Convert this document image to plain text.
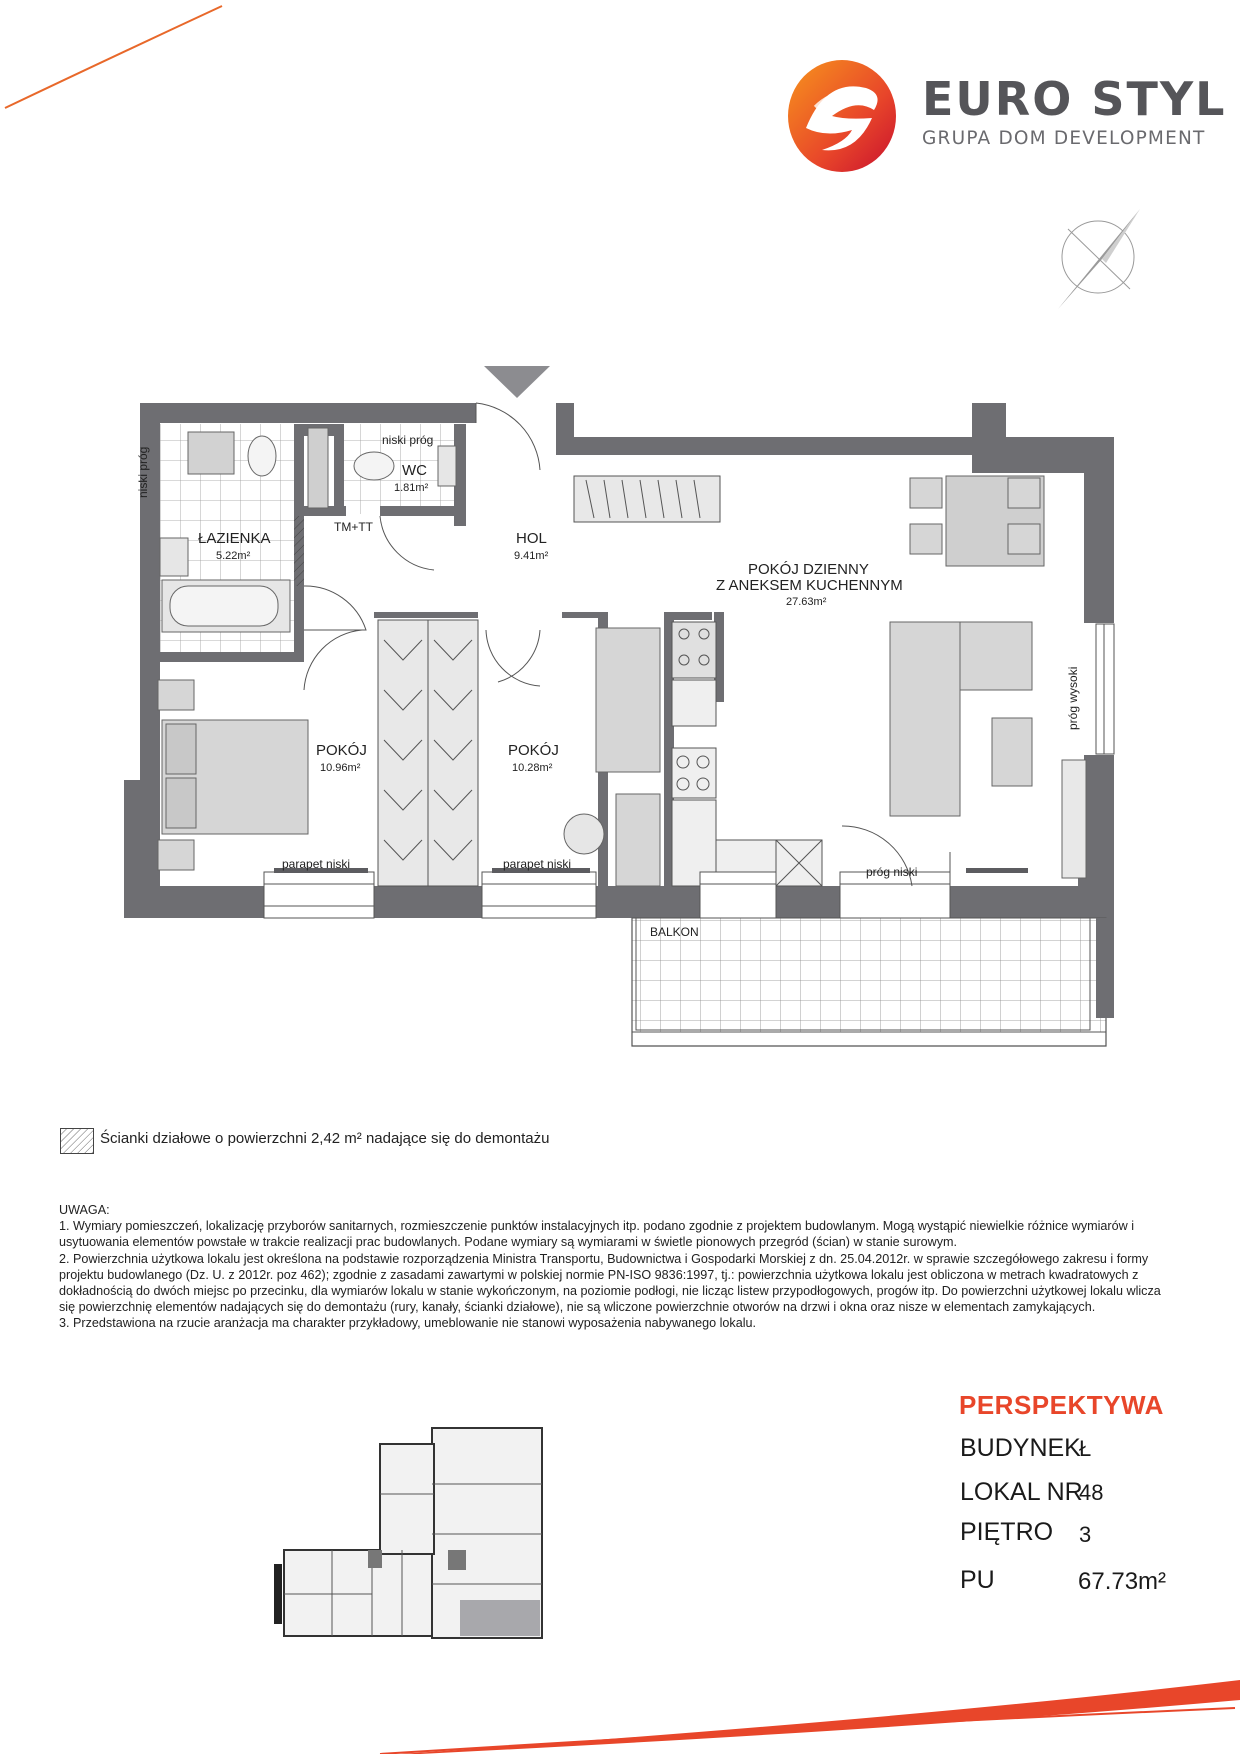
EURO STYL
GRUPA DOM DEVELOPMENT
ŁAZIENKA
5.22m²
WC
1.81m²
HOL
9.41m²
POKÓJ DZIENNY
Z ANEKSEM KUCHENNYM
27.63m²
POKÓJ
10.96m²
POKÓJ
10.28m²
niski próg
niski próg
TM+TT
próg wysoki
parapet niski	parapet niski
próg niski
BALKON
Ścianki działowe o powierzchni 2,42 m² nadające się do demontażu

UWAGA:

1. Wymiary pomieszczeń, lokalizację przyborów sanitarnych, rozmieszczenie punktów instalacyjnych itp. podano zgodnie z projektem budowlanym. Mogą wystąpić niewielkie różnice wymiarów i usytuowania elementów powstałe w trakcie realizacji prac budowlanych. Podane wymiary są wymiarami w świetle pionowych przegród (ścian) w stanie surowym.

2. Powierzchnia użytkowa lokalu jest określona na podstawie rozporządzenia Ministra Transportu, Budownictwa i Gospodarki Morskiej z dn. 25.04.2012r. w sprawie szczegółowego zakresu i formy projektu budowlanego (Dz. U. z 2012r. poz 462); zgodnie z zasadami zawartymi w polskiej normie PN-ISO 9836:1997, tj.: powierzchnia użytkowa lokalu jest obliczona w metrach kwadratowych z dokładnością do dwóch miejsc po przecinku, dla wymiarów lokalu w stanie wykończonym, na poziomie podłogi, nie licząc listew przypodłogowych, progów itp. Do powierzchni użytkowej lokalu wlicza się powierzchnię elementów nadających się do demontażu (rury, kanały, ścianki działowe), nie są wliczone powierzchnie otworów na drzwi i okna oraz nisze w elementach zamykających.

3. Przedstawiona na rzucie aranżacja ma charakter przykładowy, umeblowanie nie stanowi wyposażenia nabywanego lokalu.

PERSPEKTYWA
BUDYNEK
Ł
LOKAL NR
48
PIĘTRO 3
PU	67.73m²
